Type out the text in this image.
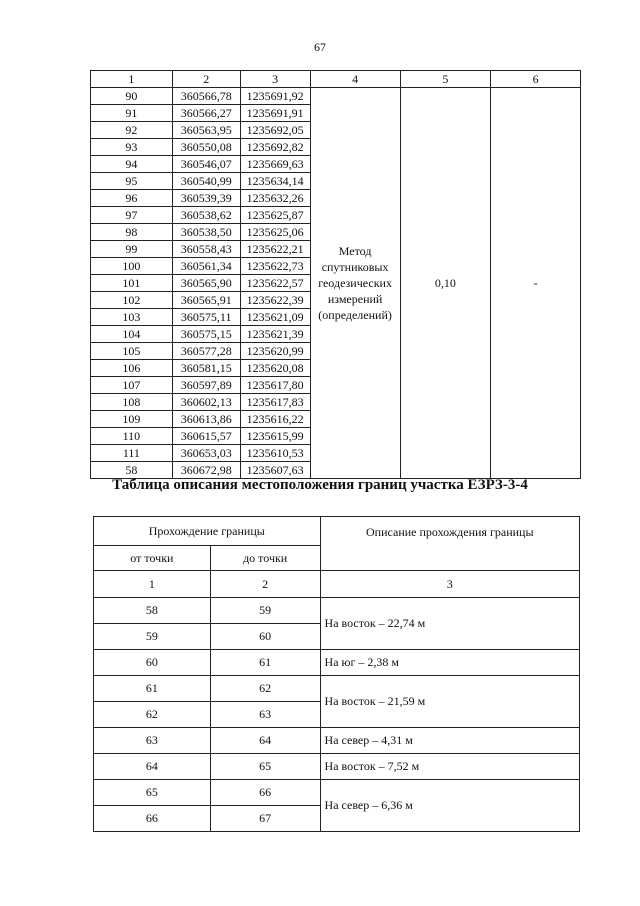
67
1	2	3	4	5	6
90	360566,78	1235691,92	Метод спутниковых геодезических измерений (определений)	0,10	-
91	360566,27	1235691,91			
92	360563,95	1235692,05			
93	360550,08	1235692,82			
94	360546,07	1235669,63			
95	360540,99	1235634,14			
96	360539,39	1235632,26			
97	360538,62	1235625,87			
98	360538,50	1235625,06			
99	360558,43	1235622,21			
100	360561,34	1235622,73			
101	360565,90	1235622,57			
102	360565,91	1235622,39			
103	360575,11	1235621,09			
104	360575,15	1235621,39			
105	360577,28	1235620,99			
106	360581,15	1235620,08			
107	360597,89	1235617,80			
108	360602,13	1235617,83			
109	360613,86	1235616,22			
110	360615,57	1235615,99			
111	360653,03	1235610,53			
58	360672,98	1235607,63			
Таблица описания местоположения границ участка ЕЗРЗ-3-4
Прохождение границы		Описание прохождения границы
от точки	до точки	
1	2	3
58	59	На восток – 22,74 м
59	60	
60	61	На юг – 2,38 м
61	62	На восток – 21,59 м
62	63	
63	64	На север – 4,31 м
64	65	На восток – 7,52 м
65	66	На север – 6,36 м
66	67	
